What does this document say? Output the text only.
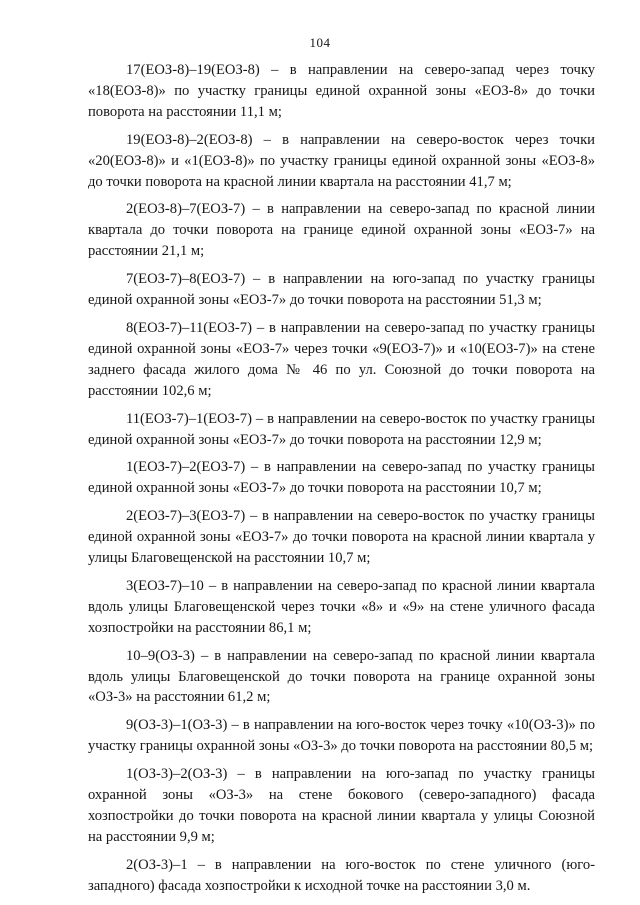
104

17(ЕОЗ-8)–19(ЕОЗ-8) – в направлении на северо-запад через точку «18(ЕОЗ-8)» по участку границы единой охранной зоны «ЕОЗ-8» до точки поворота на расстоянии 11,1 м;

19(ЕОЗ-8)–2(ЕОЗ-8) – в направлении на северо-восток через точки «20(ЕОЗ-8)» и «1(ЕОЗ-8)» по участку границы единой охранной зоны «ЕОЗ-8» до точки поворота на красной линии квартала на расстоянии 41,7 м;

2(ЕОЗ-8)–7(ЕОЗ-7) – в направлении на северо-запад по красной линии квартала до точки поворота на границе единой охранной зоны «ЕОЗ-7» на расстоянии 21,1 м;

7(ЕОЗ-7)–8(ЕОЗ-7) – в направлении на юго-запад по участку границы единой охранной зоны «ЕОЗ-7» до точки поворота на расстоянии 51,3 м;

8(ЕОЗ-7)–11(ЕОЗ-7) – в направлении на северо-запад по участку границы единой охранной зоны «ЕОЗ-7» через точки «9(ЕОЗ-7)» и «10(ЕОЗ-7)» на стене заднего фасада жилого дома № 46 по ул. Союзной до точки поворота на расстоянии 102,6 м;

11(ЕОЗ-7)–1(ЕОЗ-7) – в направлении на северо-восток по участку границы единой охранной зоны «ЕОЗ-7» до точки поворота на расстоянии 12,9 м;

1(ЕОЗ-7)–2(ЕОЗ-7) – в направлении на северо-запад по участку границы единой охранной зоны «ЕОЗ-7» до точки поворота на расстоянии 10,7 м;

2(ЕОЗ-7)–3(ЕОЗ-7) – в направлении на северо-восток по участку границы единой охранной зоны «ЕОЗ-7» до точки поворота на красной линии квартала у улицы Благовещенской на расстоянии 10,7 м;

3(ЕОЗ-7)–10 – в направлении на северо-запад по красной линии квартала вдоль улицы Благовещенской через точки «8» и «9» на стене уличного фасада хозпостройки на расстоянии 86,1 м;

10–9(ОЗ-3) – в направлении на северо-запад по красной линии квартала вдоль улицы Благовещенской до точки поворота на границе охранной зоны «ОЗ-3» на расстоянии 61,2 м;

9(ОЗ-3)–1(ОЗ-3) – в направлении на юго-восток через точку «10(ОЗ-3)» по участку границы охранной зоны «ОЗ-3» до точки поворота на расстоянии 80,5 м;

1(ОЗ-3)–2(ОЗ-3) – в направлении на юго-запад по участку границы охранной зоны «ОЗ-3» на стене бокового (северо-западного) фасада хозпостройки до точки поворота на красной линии квартала у улицы Союзной на расстоянии 9,9 м;

2(ОЗ-3)–1 – в направлении на юго-восток по стене уличного (юго-западного) фасада хозпостройки к исходной точке на расстоянии 3,0 м.
